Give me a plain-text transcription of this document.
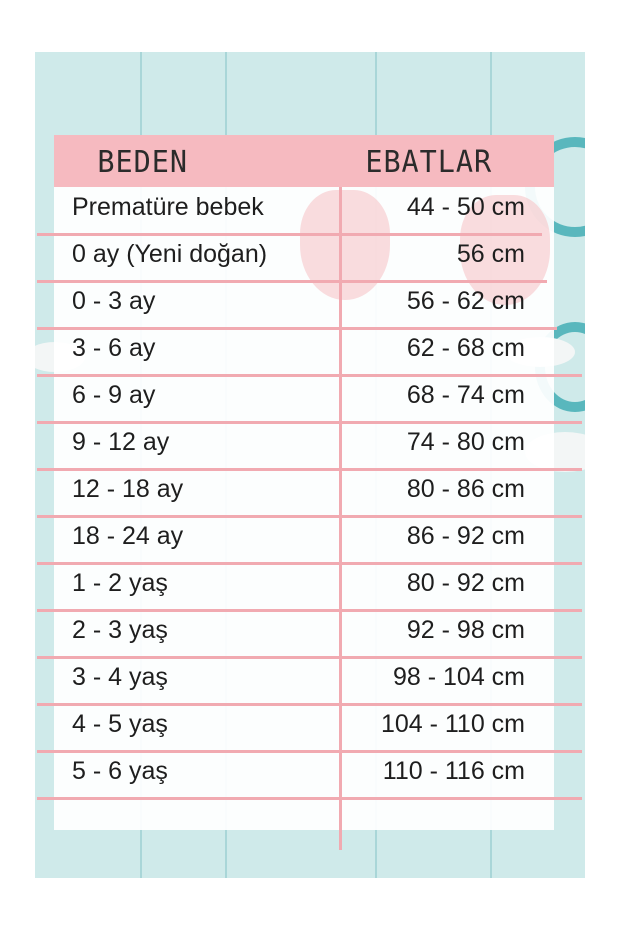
BEDEN	EBATLAR
Prematüre bebek	44 - 50 cm
0 ay (Yeni doğan)	56 cm
0 - 3 ay	56 - 62 cm
3 - 6 ay	62 - 68 cm
6 - 9 ay	68 - 74 cm
9 - 12 ay	74 - 80 cm
12 - 18 ay	80 - 86 cm
18 - 24 ay	86 - 92 cm
1 - 2 yaş	80 - 92 cm
2 - 3 yaş	92 - 98 cm
3 - 4 yaş	98 - 104 cm
4 - 5 yaş	104 - 110 cm
5 - 6 yaş	110 - 116 cm
